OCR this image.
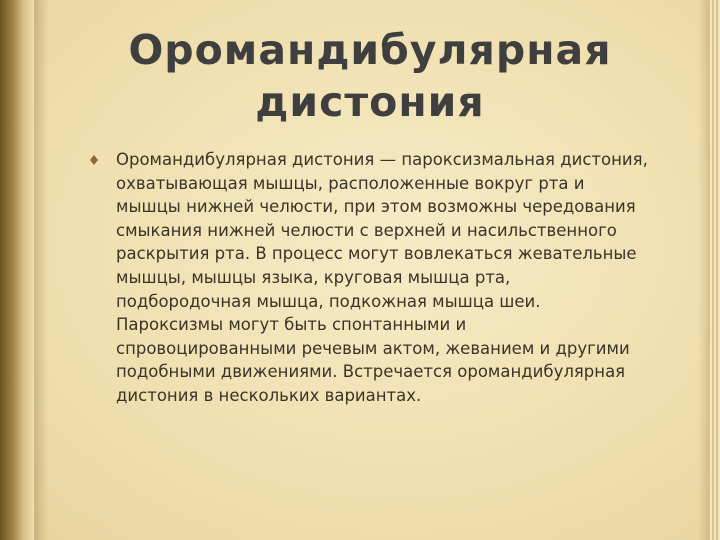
Оромандибулярная дистония
Оромандибулярная дистония — пароксизмальная дистония, охватывающая мышцы, расположенные вокруг рта и мышцы нижней челюсти, при этом возможны чередования смыкания нижней челюсти с верхней и насильственного раскрытия рта. В процесс могут вовлекаться жевательные мышцы, мышцы языка, круговая мышца рта, подбородочная мышца, подкожная мышца шеи. Пароксизмы могут быть спонтанными и спровоцированными речевым актом, жеванием и другими подобными движениями. Встречается оромандибулярная дистония в нескольких вариантах.
